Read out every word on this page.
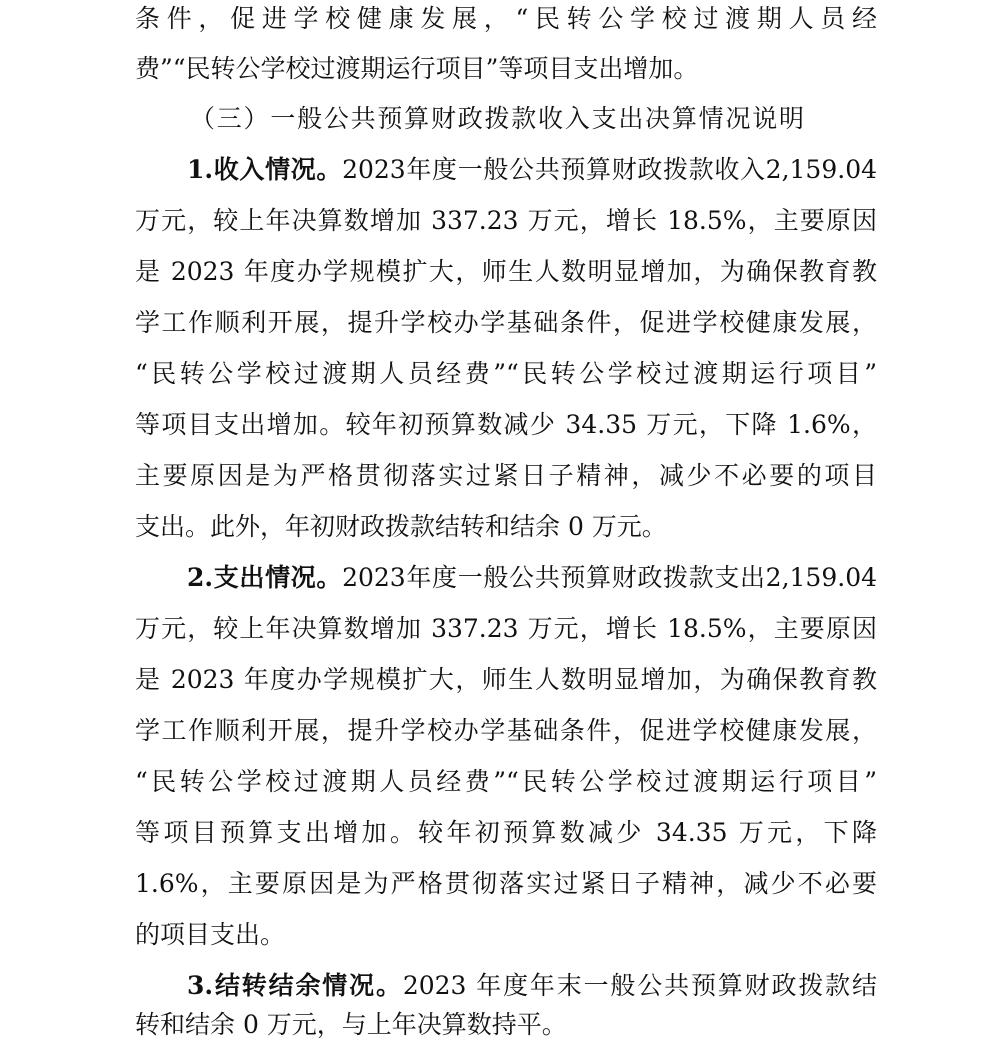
条件，促进学校健康发展，“民转公学校过渡期人员经
费”“民转公学校过渡期运行项目”等项目支出增加。
（三）一般公共预算财政拨款收入支出决算情况说明
1.收入情况。2023年度一般公共预算财政拨款收入2,159.04
万元，较上年决算数增加 337.23 万元，增长 18.5%，主要原因
是 2023 年度办学规模扩大，师生人数明显增加，为确保教育教
学工作顺利开展，提升学校办学基础条件，促进学校健康发展，
“民转公学校过渡期人员经费”“民转公学校过渡期运行项目”
等项目支出增加。较年初预算数减少 34.35 万元，下降 1.6%，
主要原因是为严格贯彻落实过紧日子精神，减少不必要的项目
支出。此外，年初财政拨款结转和结余 0 万元。
2.支出情况。2023年度一般公共预算财政拨款支出2,159.04
万元，较上年决算数增加 337.23 万元，增长 18.5%，主要原因
是 2023 年度办学规模扩大，师生人数明显增加，为确保教育教
学工作顺利开展，提升学校办学基础条件，促进学校健康发展，
“民转公学校过渡期人员经费”“民转公学校过渡期运行项目”
等项目预算支出增加。较年初预算数减少 34.35 万元，下降
1.6%，主要原因是为严格贯彻落实过紧日子精神，减少不必要
的项目支出。
3.结转结余情况。2023 年度年末一般公共预算财政拨款结
转和结余 0 万元，与上年决算数持平。
